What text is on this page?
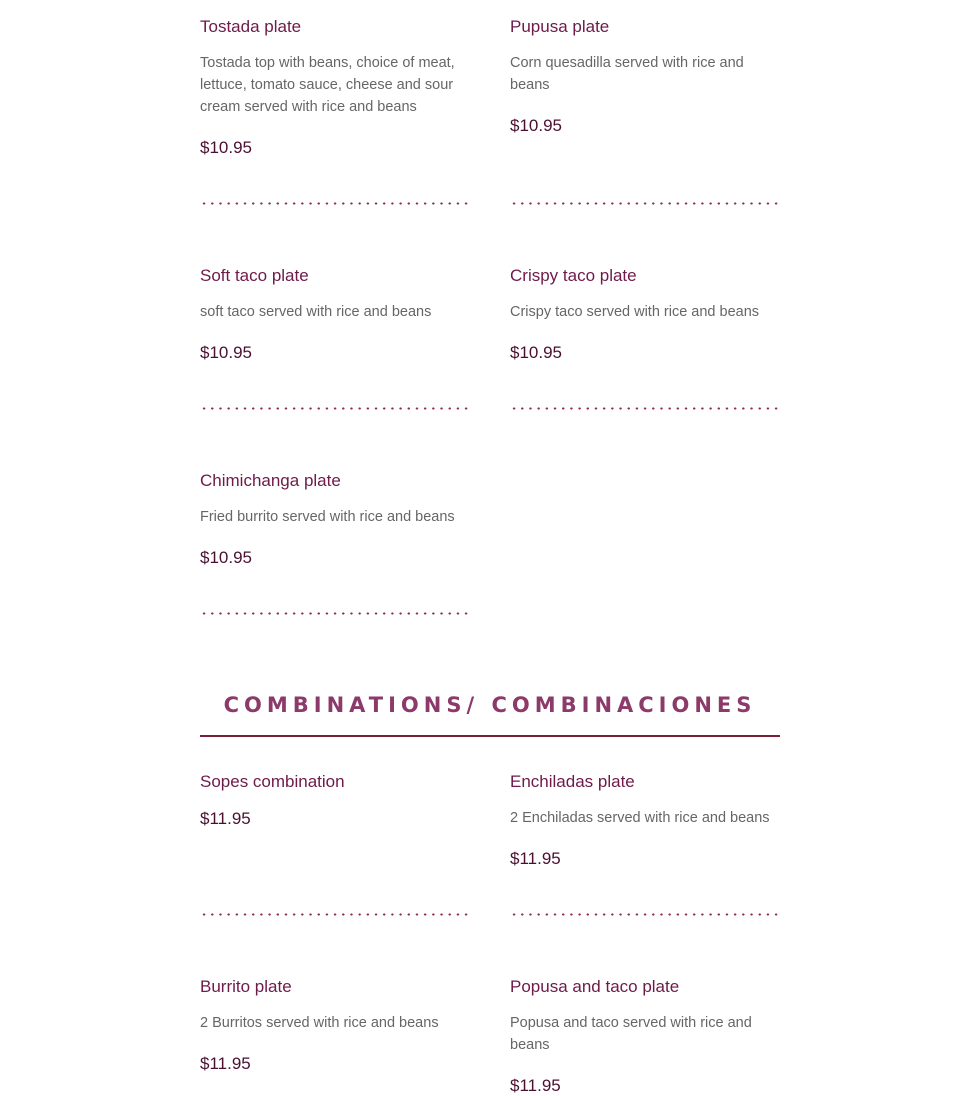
Tostada plate
Tostada top with beans, choice of meat, lettuce, tomato sauce, cheese and sour cream served with rice and beans
$10.95
Pupusa plate
Corn quesadilla served with rice and beans
$10.95
Soft taco plate
soft taco served with rice and beans
$10.95
Crispy taco plate
Crispy taco served with rice and beans
$10.95
Chimichanga plate
Fried burrito served with rice and beans
$10.95
COMBINATIONS/ COMBINACIONES
Sopes combination
$11.95
Enchiladas plate
2 Enchiladas served with rice and beans
$11.95
Burrito plate
2 Burritos served with rice and beans
$11.95
Popusa and taco plate
Popusa and taco served with rice and beans
$11.95
